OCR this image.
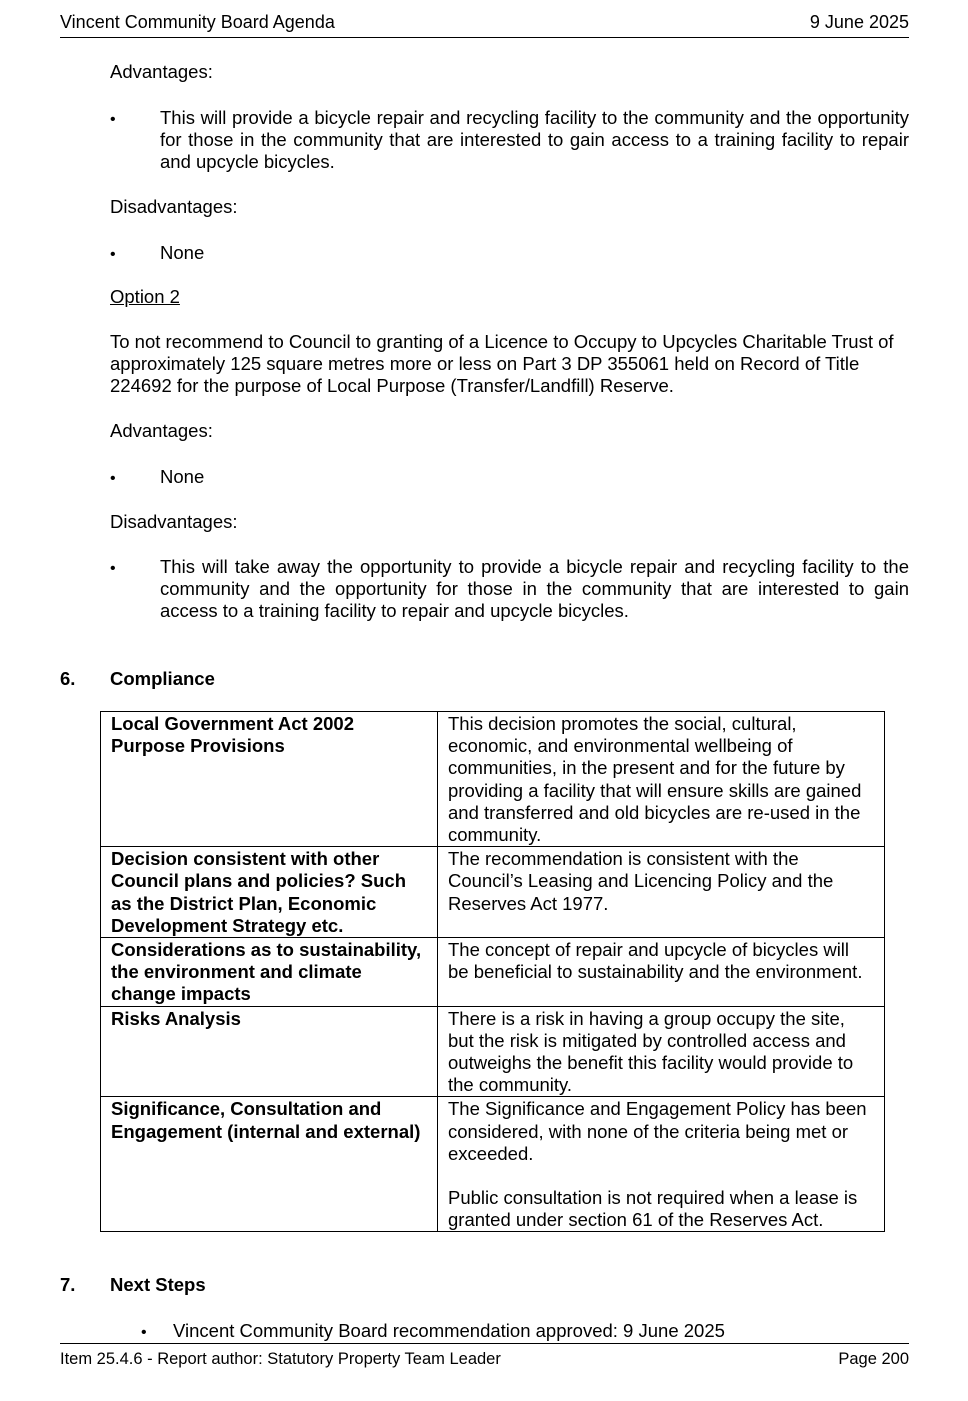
Vincent Community Board Agenda	9 June 2025
Advantages:
• This will provide a bicycle repair and recycling facility to the community and the opportunity for those in the community that are interested to gain access to a training facility to repair and upcycle bicycles.
Disadvantages:
• None
Option 2
To not recommend to Council to granting of a Licence to Occupy to Upcycles Charitable Trust of approximately 125 square metres more or less on Part 3 DP 355061 held on Record of Title 224692 for the purpose of Local Purpose (Transfer/Landfill) Reserve.
Advantages:
• None
Disadvantages:
• This will take away the opportunity to provide a bicycle repair and recycling facility to the community and the opportunity for those in the community that are interested to gain access to a training facility to repair and upcycle bicycles.
6. Compliance
Local Government Act 2002 Purpose Provisions	This decision promotes the social, cultural, economic, and environmental wellbeing of communities, in the present and for the future by providing a facility that will ensure skills are gained and transferred and old bicycles are re-used in the community.
Decision consistent with other Council plans and policies? Such as the District Plan, Economic Development Strategy etc.	The recommendation is consistent with the Council’s Leasing and Licencing Policy and the Reserves Act 1977.
Considerations as to sustainability, the environment and climate change impacts	The concept of repair and upcycle of bicycles will be beneficial to sustainability and the environment.
Risks Analysis	There is a risk in having a group occupy the site, but the risk is mitigated by controlled access and outweighs the benefit this facility would provide to the community.
Significance, Consultation and Engagement (internal and external)	The Significance and Engagement Policy has been considered, with none of the criteria being met or exceeded.
Public consultation is not required when a lease is granted under section 61 of the Reserves Act.
7. Next Steps
• Vincent Community Board recommendation approved: 9 June 2025
Item 25.4.6 - Report author: Statutory Property Team Leader	Page 200
